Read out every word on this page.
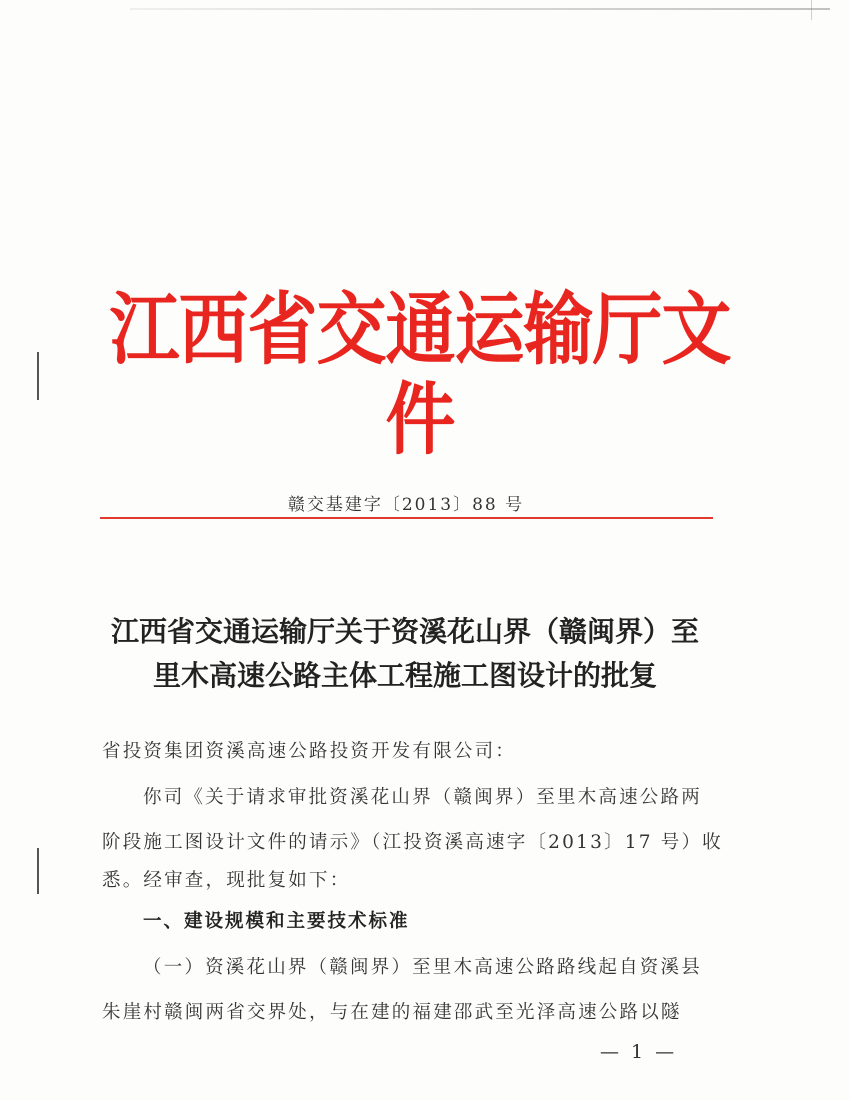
江西省交通运输厅文件
赣交基建字〔2013〕88 号
江西省交通运输厅关于资溪花山界（赣闽界）至
里木高速公路主体工程施工图设计的批复
省投资集团资溪高速公路投资开发有限公司：
你司《关于请求审批资溪花山界（赣闽界）至里木高速公路两
阶段施工图设计文件的请示》（江投资溪高速字〔2013〕17 号）收
悉。经审查，现批复如下：
一、建设规模和主要技术标准
（一）资溪花山界（赣闽界）至里木高速公路路线起自资溪县
朱崖村赣闽两省交界处，与在建的福建邵武至光泽高速公路以隧
— 1 —
